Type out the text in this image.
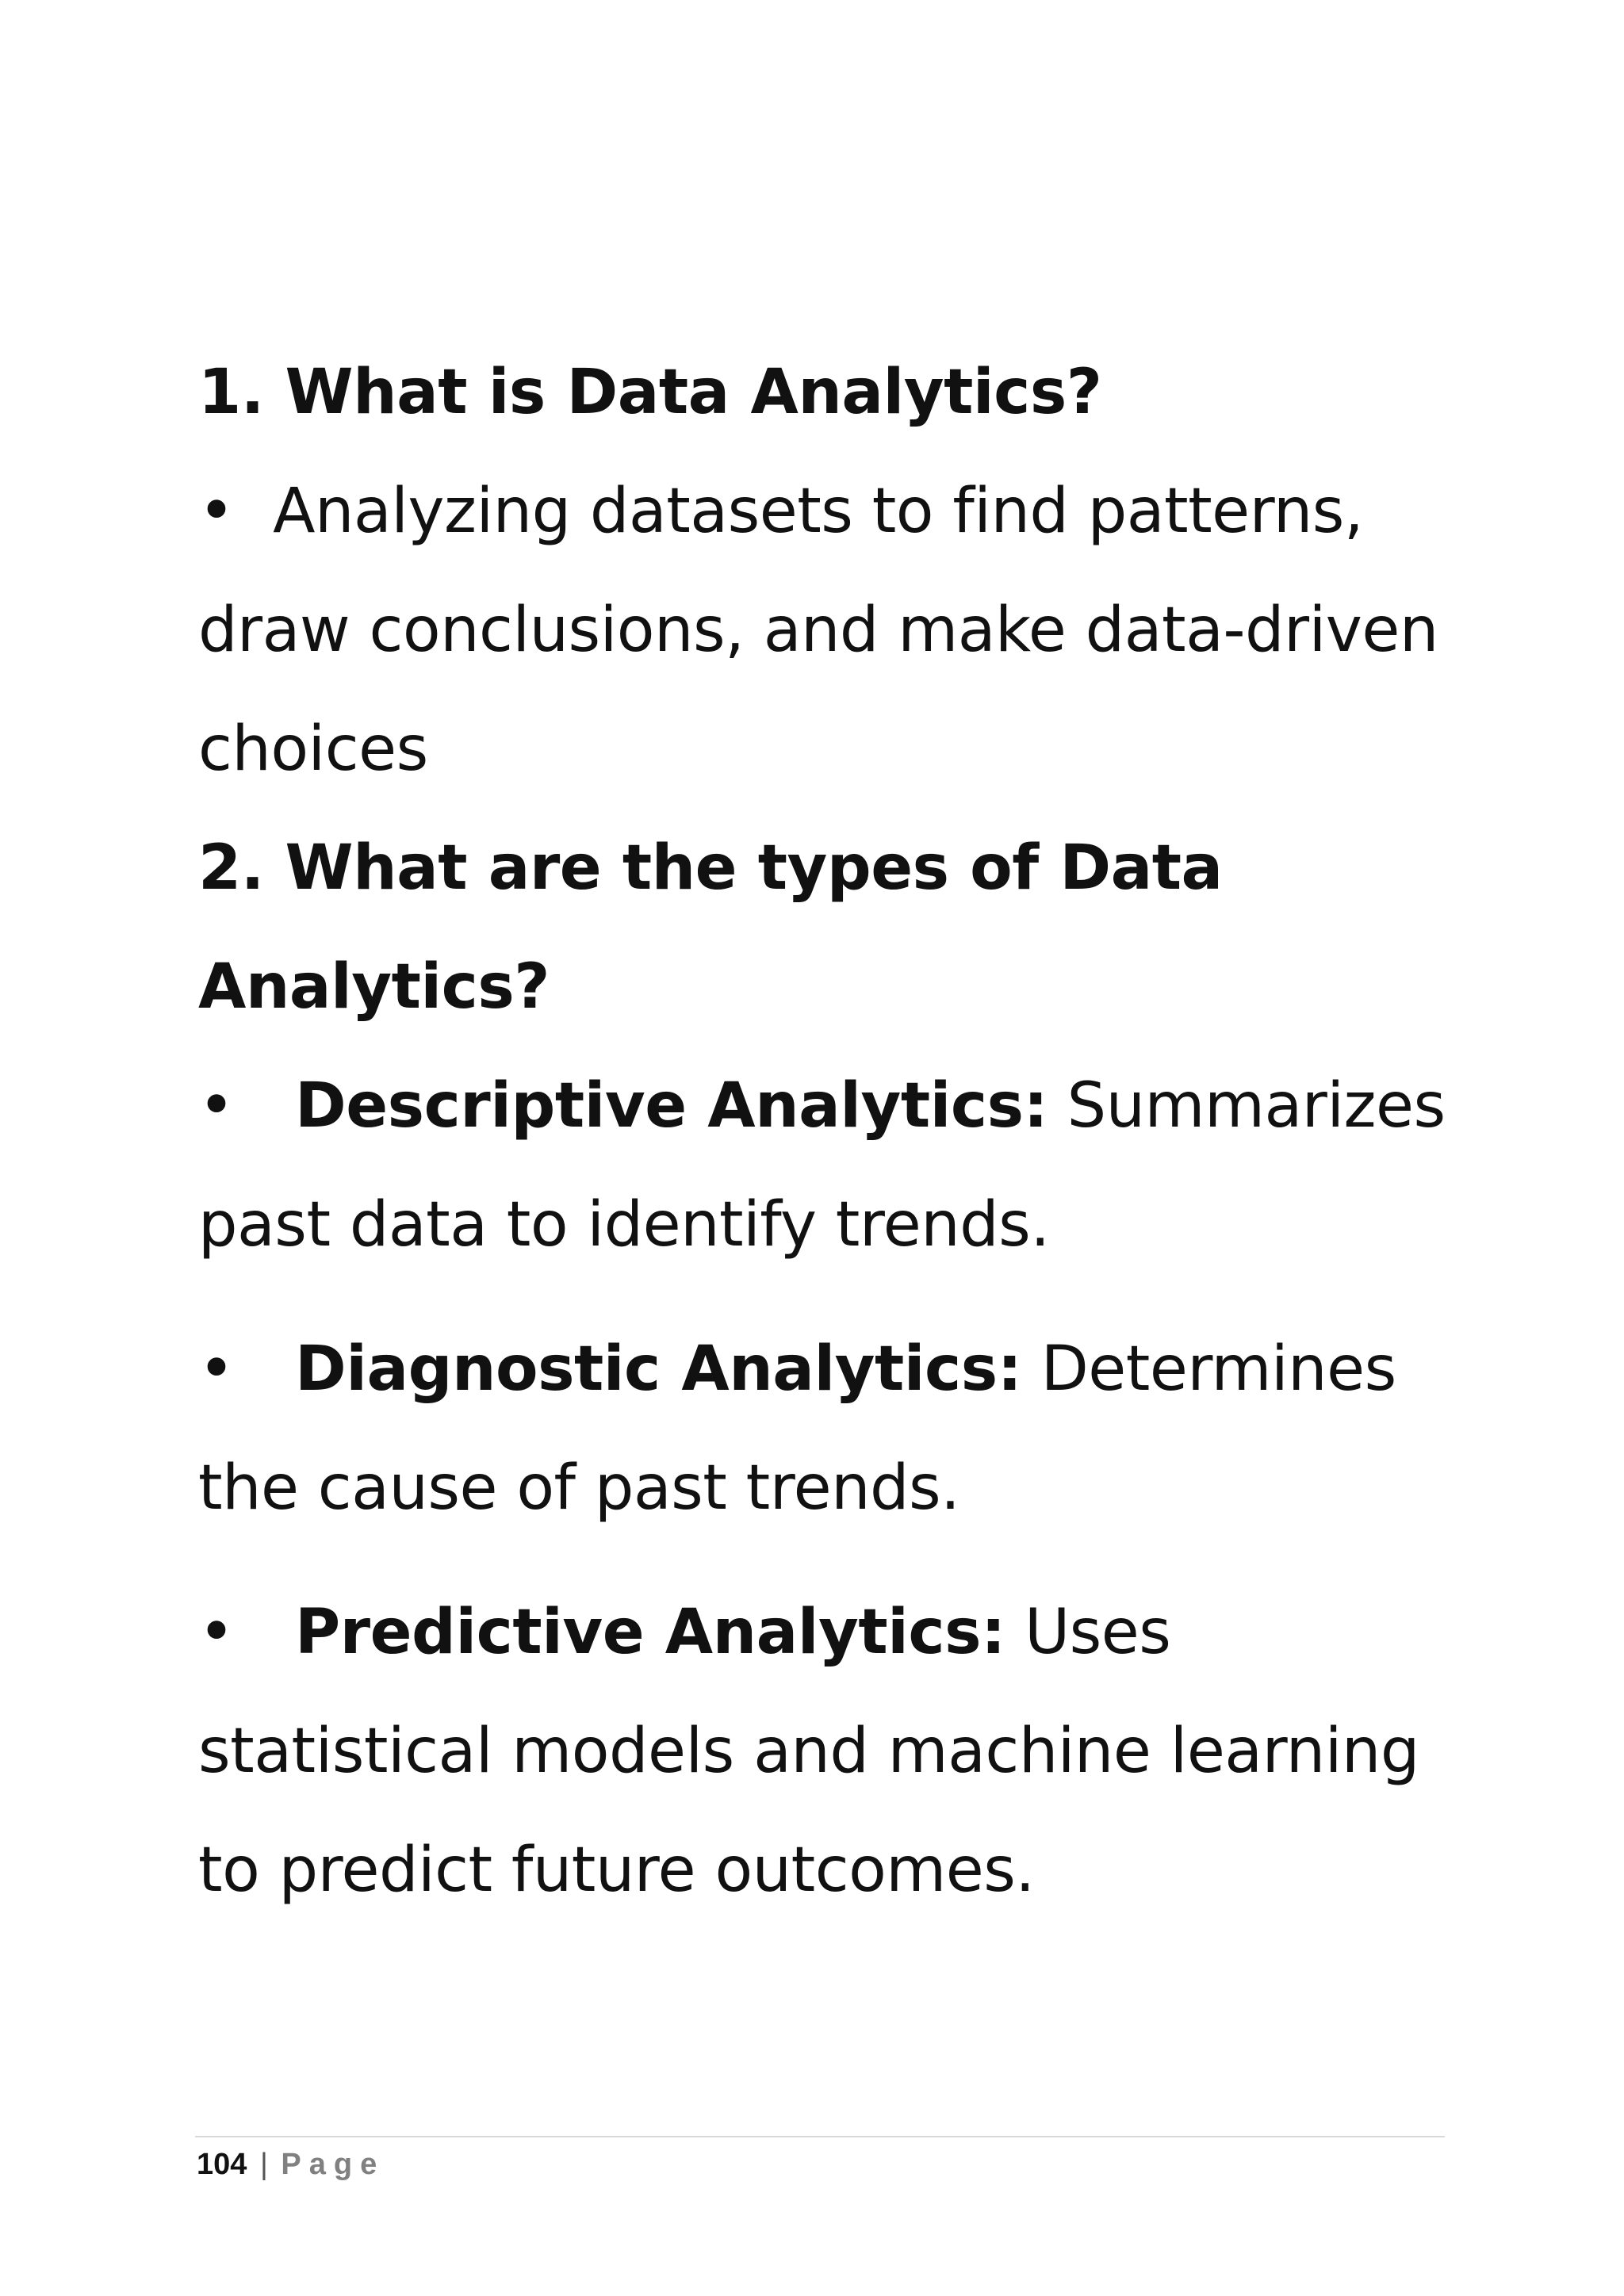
1. What is Data Analytics?

• Analyzing datasets to find patterns, draw conclusions, and make data-driven choices

2. What are the types of Data Analytics?

• Descriptive Analytics: Summarizes past data to identify trends.

• Diagnostic Analytics: Determines the cause of past trends.

• Predictive Analytics: Uses statistical models and machine learning to predict future outcomes.

104 | Page
